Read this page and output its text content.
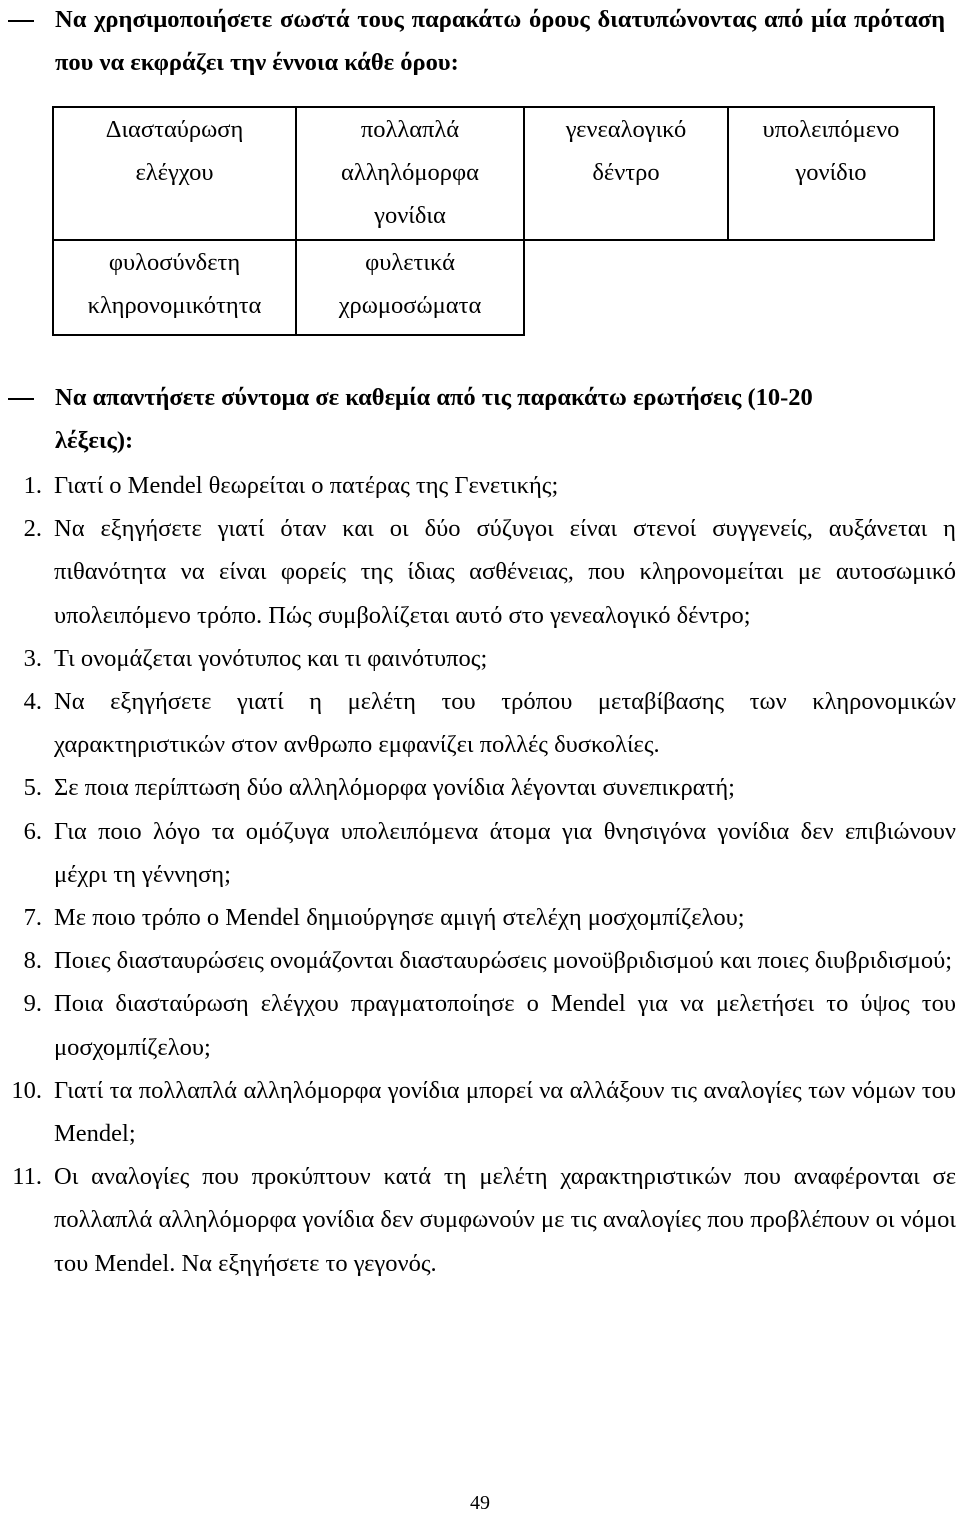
Να χρησιμοποιήσετε σωστά τους παρακάτω όρους διατυπώνοντας από μία πρόταση που να εκφράζει την έννοια κάθε όρου:
Διασταύρωση ελέγχου	πολλαπλά αλληλόμορφα γονίδια	γενεαλογικό δέντρο	υπολειπόμενο γονίδιο
φυλοσύνδετη κληρονομικότητα	φυλετικά χρωμοσώματα		
Να απαντήσετε σύντομα σε καθεμία από τις παρακάτω ερωτήσεις (10-20 λέξεις):
1. Γιατί ο Mendel θεωρείται ο πατέρας της Γενετικής;
2. Να εξηγήσετε γιατί όταν και οι δύο σύζυγοι είναι στενοί συγγενείς, αυξάνεται η πιθανότητα να είναι φορείς της ίδιας ασθένειας, που κληρονομείται με αυτοσωμικό υπολειπόμενο τρόπο. Πώς συμβολίζεται αυτό στο γενεαλογικό δέντρο;
3. Τι ονομάζεται γονότυπος και τι φαινότυπος;
4. Να εξηγήσετε γιατί η μελέτη του τρόπου μεταβίβασης των κληρονομικών χαρακτηριστικών στον ανθρωπο εμφανίζει πολλές δυσκολίες.
5. Σε ποια περίπτωση δύο αλληλόμορφα γονίδια λέγονται συνεπικρατή;
6. Για ποιο λόγο τα ομόζυγα υπολειπόμενα άτομα για θνησιγόνα γονίδια δεν επιβιώνουν μέχρι τη γέννηση;
7. Με ποιο τρόπο ο Mendel δημιούργησε αμιγή στελέχη μοσχομπίζελου;
8. Ποιες διασταυρώσεις ονομάζονται διασταυρώσεις μονοϋβριδισμού και ποιες διυβριδισμού;
9. Ποια διασταύρωση ελέγχου πραγματοποίησε ο Mendel για να μελετήσει το ύψος του μοσχομπίζελου;
10. Γιατί τα πολλαπλά αλληλόμορφα γονίδια μπορεί να αλλάξουν τις αναλογίες των νόμων του Mendel;
11. Οι αναλογίες που προκύπτουν κατά τη μελέτη χαρακτηριστικών που αναφέρονται σε πολλαπλά αλληλόμορφα γονίδια δεν συμφωνούν με τις αναλογίες που προβλέπουν οι νόμοι του Mendel. Να εξηγήσετε το γεγονός.
49
